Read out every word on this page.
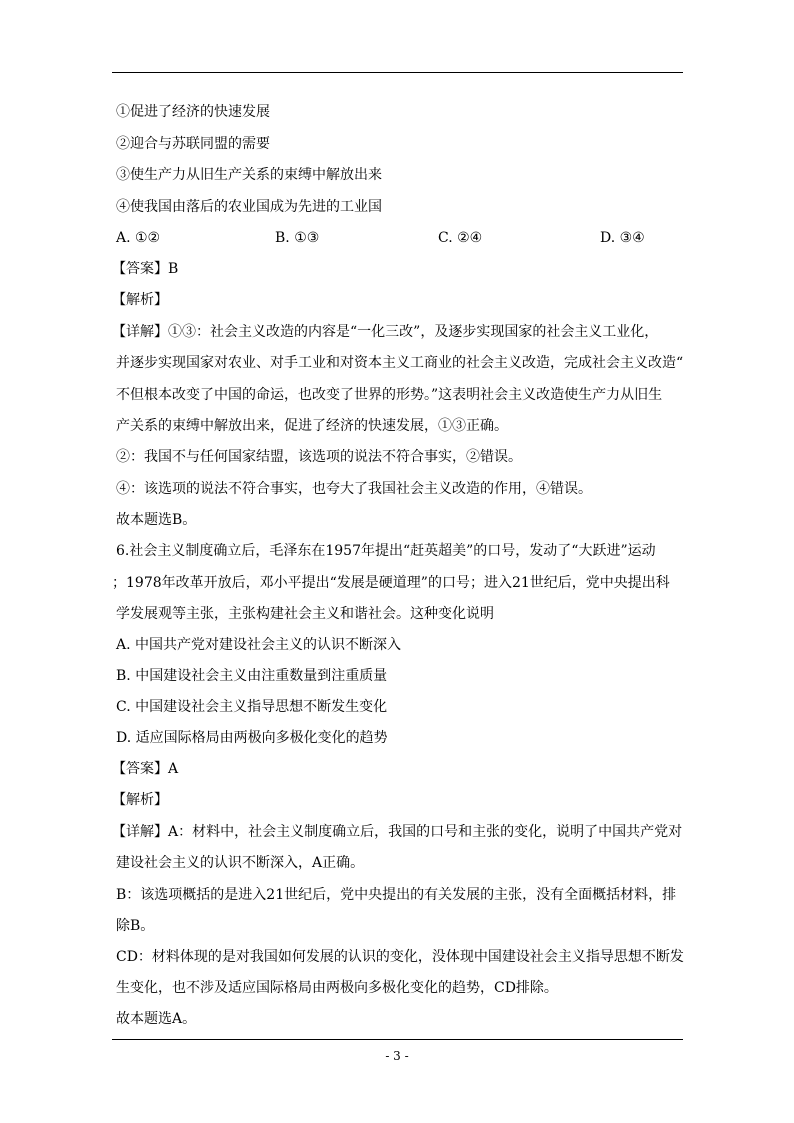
①促进了经济的快速发展
②迎合与苏联同盟的需要
③使生产力从旧生产关系的束缚中解放出来
④使我国由落后的农业国成为先进的工业国
A. ①②	B. ①③	C. ②④	D. ③④
【答案】B
【解析】
【详解】①③：社会主义改造的内容是“一化三改”，及逐步实现国家的社会主义工业化，
并逐步实现国家对农业、对手工业和对资本主义工商业的社会主义改造，完成社会主义改造“
不但根本改变了中国的命运，也改变了世界的形势。”这表明社会主义改造使生产力从旧生
产关系的束缚中解放出来，促进了经济的快速发展，①③正确。
②：我国不与任何国家结盟，该选项的说法不符合事实，②错误。
④：该选项的说法不符合事实，也夸大了我国社会主义改造的作用，④错误。
故本题选B。
6.社会主义制度确立后，毛泽东在1957年提出“赶英超美”的口号，发动了“大跃进”运动
；1978年改革开放后，邓小平提出“发展是硬道理”的口号；进入21世纪后，党中央提出科
学发展观等主张，主张构建社会主义和谐社会。这种变化说明
A. 中国共产党对建设社会主义的认识不断深入
B. 中国建设社会主义由注重数量到注重质量
C. 中国建设社会主义指导思想不断发生变化
D. 适应国际格局由两极向多极化变化的趋势
【答案】A
【解析】
【详解】A：材料中，社会主义制度确立后，我国的口号和主张的变化，说明了中国共产党对
建设社会主义的认识不断深入，A正确。
B：该选项概括的是进入21世纪后，党中央提出的有关发展的主张，没有全面概括材料，排
除B。
CD：材料体现的是对我国如何发展的认识的变化，没体现中国建设社会主义指导思想不断发
生变化，也不涉及适应国际格局由两极向多极化变化的趋势，CD排除。
故本题选A。
- 3 -
